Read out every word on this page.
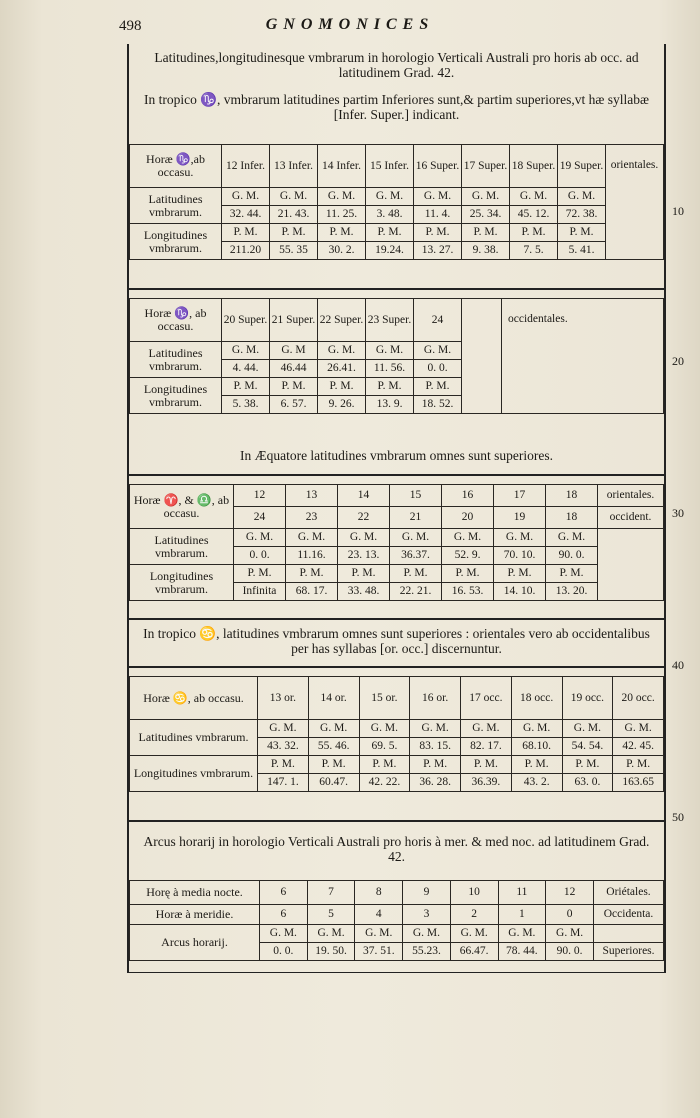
498	GNOMONICES
10
20
30
40
50
Latitudines,longitudinesque vmbrarum in horologio Verticali Australi pro horis ab occ. ad latitudinem Grad. 42.
In tropico ♑, vmbrarum latitudines partim Inferiores sunt,& partim superiores,vt hæ syllabæ [Infer. Super.] indicant.
Horæ ♑,ab occasu.	12 Infer.	13 Infer.	14 Infer.	15 Infer.	16 Super.	17 Super.	18 Super.	19 Super.	orientales.
Latitudines vmbrarum.	G. M.	G. M.	G. M.	G. M.	G. M.	G. M.	G. M.	G. M.	
	32. 44.	21. 43.	11. 25.	3. 48.	11. 4.	25. 34.	45. 12.	72. 38.	
Longitudines vmbrarum.	P. M.	P. M.	P. M.	P. M.	P. M.	P. M.	P. M.	P. M.	
	211.20	55. 35	30. 2.	19.24.	13. 27.	9. 38.	7. 5.	5. 41.	
Horæ ♑, ab occasu.	20 Super.	21 Super.	22 Super.	23 Super.	24		occidentales.
Latitudines vmbrarum.	G. M.	G. M	G. M.	G. M.	G. M.		
	4. 44.	46.44	26.41.	11. 56.	0. 0.		
Longitudines vmbrarum.	P. M.	P. M.	P. M.	P. M.	P. M.		
	5. 38.	6. 57.	9. 26.	13. 9.	18. 52.		
In Æquatore latitudines vmbrarum omnes sunt superiores.
Horæ ♈, & ♎, ab occasu.	12	13	14	15	16	17	18	orientales.
	24	23	22	21	20	19	18	occident.
Latitudines vmbrarum.	G. M.	G. M.	G. M.	G. M.	G. M.	G. M.	G. M.	
	0. 0.	11.16.	23. 13.	36.37.	52. 9.	70. 10.	90. 0.	
Longitudines vmbrarum.	P. M.	P. M.	P. M.	P. M.	P. M.	P. M.	P. M.	
	Infinita	68. 17.	33. 48.	22. 21.	16. 53.	14. 10.	13. 20.	
In tropico ♋, latitudines vmbrarum omnes sunt superiores : orientales vero ab occidentalibus per has syllabas [or. occ.] discernuntur.
Horæ ♋, ab occasu.	13 or.	14 or.	15 or.	16 or.	17 occ.	18 occ.	19 occ.	20 occ.
Latitudines vmbrarum.	G. M.	G. M.	G. M.	G. M.	G. M.	G. M.	G. M.	G. M.
	43. 32.	55. 46.	69. 5.	83. 15.	82. 17.	68.10.	54. 54.	42. 45.
Longitudines vmbrarum.	P. M.	P. M.	P. M.	P. M.	P. M.	P. M.	P. M.	P. M.
	147. 1.	60.47.	42. 22.	36. 28.	36.39.	43. 2.	63. 0.	163.65
Arcus horarij in horologio Verticali Australi pro horis à mer. & med noc. ad latitudinem Grad. 42.
Horę à media nocte.	6	7	8	9	10	11	12	Oriétales.
Horæ à meridie.	6	5	4	3	2	1	0	Occidenta.
Arcus horarij.	G. M.	G. M.	G. M.	G. M.	G. M.	G. M.	G. M.	
	0. 0.	19. 50.	37. 51.	55.23.	66.47.	78. 44.	90. 0.	Superiores.
